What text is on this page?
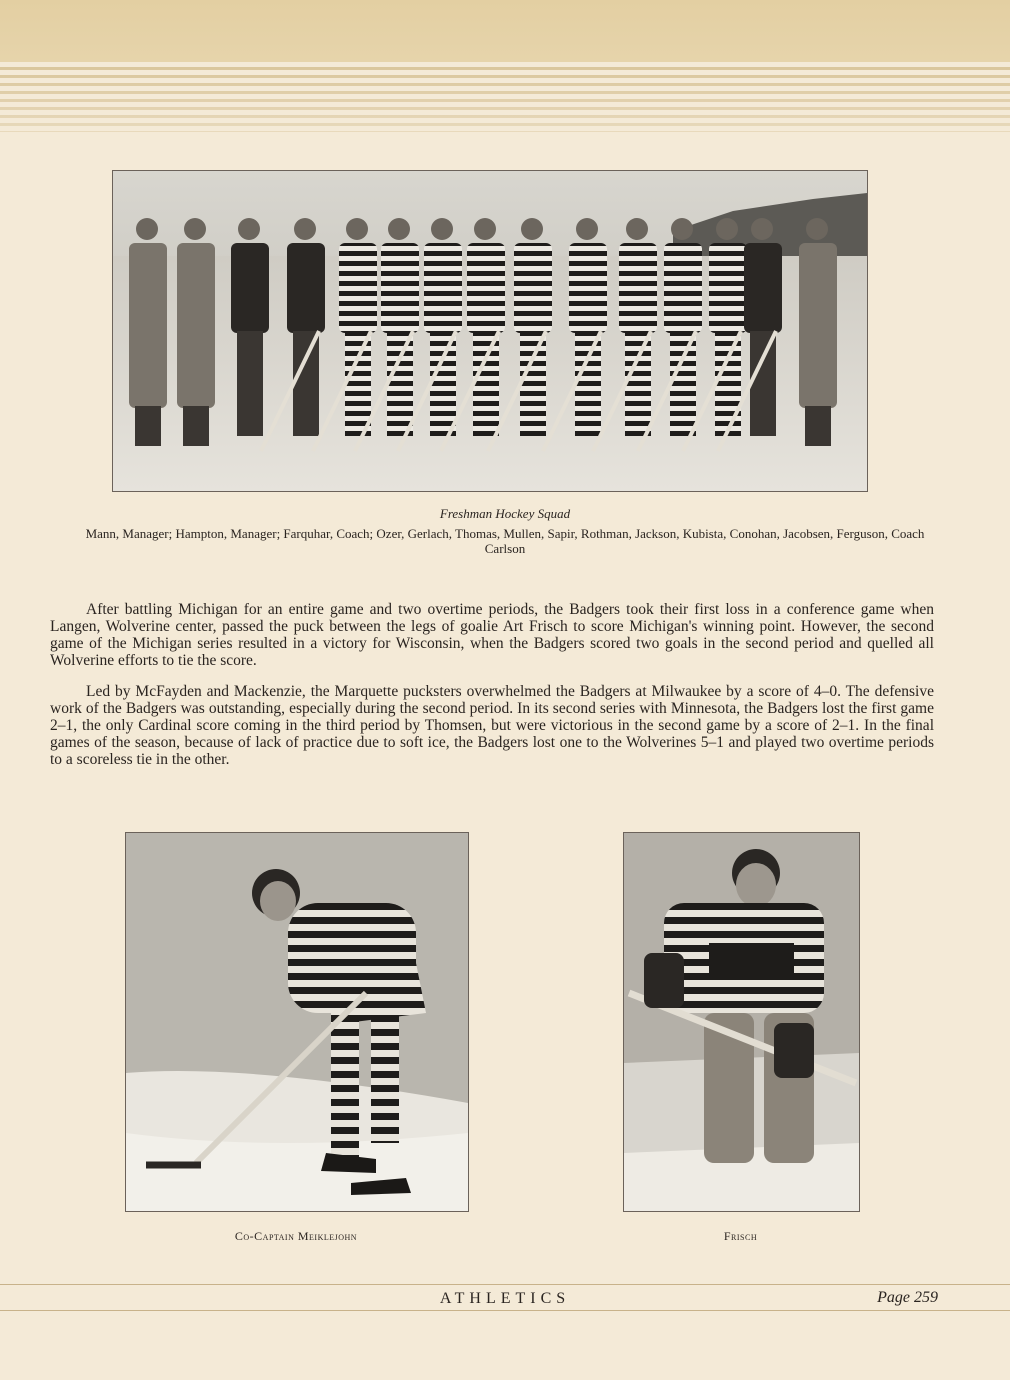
Freshman Hockey Squad
Mann, Manager; Hampton, Manager; Farquhar, Coach; Ozer, Gerlach, Thomas, Mullen, Sapir, Rothman, Jackson, Kubista, Conohan, Jacobsen, Ferguson, Coach Carlson

After battling Michigan for an entire game and two overtime periods, the Badgers took their first loss in a conference game when Langen, Wolverine center, passed the puck between the legs of goalie Art Frisch to score Michigan's winning point. However, the second game of the Michigan series resulted in a victory for Wisconsin, when the Badgers scored two goals in the second period and quelled all Wolverine efforts to tie the score.

Led by McFayden and Mackenzie, the Marquette pucksters overwhelmed the Badgers at Milwaukee by a score of 4–0. The defensive work of the Badgers was outstanding, especially during the second period. In its second series with Minnesota, the Badgers lost the first game 2–1, the only Cardinal score coming in the third period by Thomsen, but were victorious in the second game by a score of 2–1. In the final games of the season, because of lack of practice due to soft ice, the Badgers lost one to the Wolverines 5–1 and played two overtime periods to a scoreless tie in the other.

Co-Captain Meiklejohn	Frisch
ATHLETICS	Page 259
